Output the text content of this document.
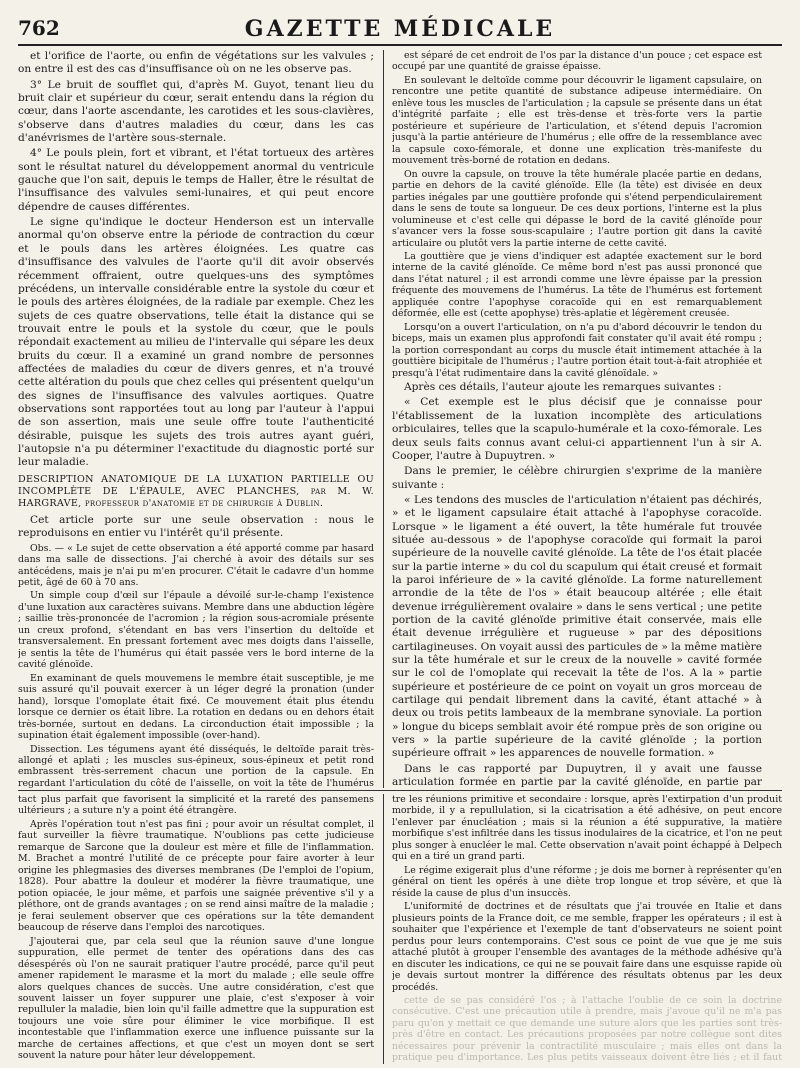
762	GAZETTE MÉDICALE

et l'orifice de l'aorte, ou enfin de végétations sur les valvules ; on entre il est des cas d'insuffisance où on ne les observe pas.

3° Le bruit de soufflet qui, d'après M. Guyot, tenant lieu du bruit clair et supérieur du cœur, serait entendu dans la région du cœur, dans l'aorte ascendante, les carotides et les sous-clavières, s'observe dans d'autres maladies du cœur, dans les cas d'anévrismes de l'artère sous-sternale.

4° Le pouls plein, fort et vibrant, et l'état tortueux des artères sont le résultat naturel du développement anormal du ventricule gauche que l'on sait, depuis le temps de Haller, être le résultat de l'insuffisance des valvules semi-lunaires, et qui peut encore dépendre de causes différentes.

Le signe qu'indique le docteur Henderson est un intervalle anormal qu'on observe entre la période de contraction du cœur et le pouls dans les artères éloignées. Les quatre cas d'insuffisance des valvules de l'aorte qu'il dit avoir observés récemment offraient, outre quelques-uns des symptômes précédens, un intervalle considérable entre la systole du cœur et le pouls des artères éloignées, de la radiale par exemple. Chez les sujets de ces quatre observations, telle était la distance qui se trouvait entre le pouls et la systole du cœur, que le pouls répondait exactement au milieu de l'intervalle qui sépare les deux bruits du cœur. Il a examiné un grand nombre de personnes affectées de maladies du cœur de divers genres, et n'a trouvé cette altération du pouls que chez celles qui présentent quelqu'un des signes de l'insuffisance des valvules aortiques. Quatre observations sont rapportées tout au long par l'auteur à l'appui de son assertion, mais une seule offre toute l'authenticité désirable, puisque les sujets des trois autres ayant guéri, l'autopsie n'a pu déterminer l'exactitude du diagnostic porté sur leur maladie.

DESCRIPTION ANATOMIQUE DE LA LUXATION PARTIELLE OU INCOMPLÈTE DE L'ÉPAULE, AVEC PLANCHES, par M. W. HARGRAVE, professeur d'anatomie et de chirurgie à Dublin.

Cet article porte sur une seule observation : nous le reproduisons en entier vu l'intérêt qu'il présente.

Obs. — « Le sujet de cette observation a été apporté comme par hasard dans ma salle de dissections. J'ai cherché à avoir des détails sur ses antécédens, mais je n'ai pu m'en procurer. C'était le cadavre d'un homme petit, âgé de 60 à 70 ans.

Un simple coup d'œil sur l'épaule a dévoilé sur-le-champ l'existence d'une luxation aux caractères suivans. Membre dans une abduction légère ; saillie très-prononcée de l'acromion ; la région sous-acromiale présente un creux profond, s'étendant en bas vers l'insertion du deltoïde et transversalement. En pressant fortement avec mes doigts dans l'aisselle, je sentis la tête de l'humérus qui était passée vers le bord interne de la cavité glénoïde.

En examinant de quels mouvemens le membre était susceptible, je me suis assuré qu'il pouvait exercer à un léger degré la pronation (under hand), lorsque l'omoplate était fixé. Ce mouvement était plus étendu lorsque ce dernier os était libre. La rotation en dedans ou en dehors était très-bornée, surtout en dedans. La circonduction était impossible ; la supination était également impossible (over-hand).

Dissection. Les tégumens ayant été disséqués, le deltoïde parait très-allongé et aplati ; les muscles sus-épineux, sous-épineux et petit rond embrassent très-serrement chacun une portion de la capsule. En regardant l'articulation du côté de l'aisselle, on voit la tête de l'humérus

est séparé de cet endroit de l'os par la distance d'un pouce ; cet espace est occupé par une quantité de graisse épaisse.

En soulevant le deltoïde comme pour découvrir le ligament capsulaire, on rencontre une petite quantité de substance adipeuse intermédiaire. On enlève tous les muscles de l'articulation ; la capsule se présente dans un état d'intégrité parfaite ; elle est très-dense et très-forte vers la partie postérieure et supérieure de l'articulation, et s'étend depuis l'acromion jusqu'à la partie antérieure de l'humérus ; elle offre de la ressemblance avec la capsule coxo-fémorale, et donne une explication très-manifeste du mouvement très-borné de rotation en dedans.

On ouvre la capsule, on trouve la tête humérale placée partie en dedans, partie en dehors de la cavité glénoïde. Elle (la tête) est divisée en deux parties inégales par une gouttière profonde qui s'étend perpendiculairement dans le sens de toute sa longueur. De ces deux portions, l'interne est la plus volumineuse et c'est celle qui dépasse le bord de la cavité glénoïde pour s'avancer vers la fosse sous-scapulaire ; l'autre portion git dans la cavité articulaire ou plutôt vers la partie interne de cette cavité.

La gouttière que je viens d'indiquer est adaptée exactement sur le bord interne de la cavité glénoïde. Ce même bord n'est pas aussi prononcé que dans l'état naturel ; il est arrondi comme une lèvre épaisse par la pression fréquente des mouvemens de l'humérus. La tête de l'humérus est fortement appliquée contre l'apophyse coracoïde qui en est remarquablement déformée, elle est (cette apophyse) très-aplatie et légèrement creusée.

Lorsqu'on a ouvert l'articulation, on n'a pu d'abord découvrir le tendon du biceps, mais un examen plus approfondi fait constater qu'il avait été rompu ; la portion correspondant au corps du muscle était intimement attachée à la gouttière bicipitale de l'humérus ; l'autre portion était tout-à-fait atrophiée et presqu'à l'état rudimentaire dans la cavité glénoïdale. »

Après ces détails, l'auteur ajoute les remarques suivantes :

« Cet exemple est le plus décisif que je connaisse pour l'établissement de la luxation incomplète des articulations orbiculaires, telles que la scapulo-humérale et la coxo-fémorale. Les deux seuls faits connus avant celui-ci appartiennent l'un à sir A. Cooper, l'autre à Dupuytren. »

Dans le premier, le célèbre chirurgien s'exprime de la manière suivante :

« Les tendons des muscles de l'articulation n'étaient pas déchirés, » et le ligament capsulaire était attaché à l'apophyse coracoïde. Lorsque » le ligament a été ouvert, la tête humérale fut trouvée située au-dessous » de l'apophyse coracoïde qui formait la paroi supérieure de la nouvelle cavité glénoïde. La tête de l'os était placée sur la partie interne » du col du scapulum qui était creusé et formait la paroi inférieure de » la cavité glénoïde. La forme naturellement arrondie de la tête de l'os » était beaucoup altérée ; elle était devenue irrégulièrement ovalaire » dans le sens vertical ; une petite portion de la cavité glénoïde primitive était conservée, mais elle était devenue irrégulière et rugueuse » par des dépositions cartilagineuses. On voyait aussi des particules de » la même matière sur la tête humérale et sur le creux de la nouvelle » cavité formée sur le col de l'omoplate qui recevait la tête de l'os. A la » partie supérieure et postérieure de ce point on voyait un gros morceau de cartilage qui pendait librement dans la cavité, étant attaché » à deux ou trois petits lambeaux de la membrane synoviale. La portion » longue du biceps semblait avoir été rompue près de son origine ou vers » la partie supérieure de la cavité glénoïde ; la portion supérieure offrait » les apparences de nouvelle formation. »

Dans le cas rapporté par Dupuytren, il y avait une fausse articulation formée en partie par la cavité glénoïde, en partie par

tact plus parfait que favorisent la simplicité et la rareté des pansemens ultérieurs ; a suture n'y a point été étrangère.

Après l'opération tout n'est pas fini ; pour avoir un résultat complet, il faut surveiller la fièvre traumatique. N'oublions pas cette judicieuse remarque de Sarcone que la douleur est mère et fille de l'inflammation. M. Brachet a montré l'utilité de ce précepte pour faire avorter à leur origine les phlegmasies des diverses membranes (De l'emploi de l'opium, 1828). Pour abattre la douleur et modérer la fièvre traumatique, une potion opiacée, le jour même, et parfois une saignée préventive s'il y a pléthore, ont de grands avantages ; on se rend ainsi maître de la maladie ; je ferai seulement observer que ces opérations sur la tête demandent beaucoup de réserve dans l'emploi des narcotiques.

J'ajouterai que, par cela seul que la réunion sauve d'une longue suppuration, elle permet de tenter des opérations dans des cas désespérés où l'on ne saurait pratiquer l'autre procédé, parce qu'il peut amener rapidement le marasme et la mort du malade ; elle seule offre alors quelques chances de succès. Une autre considération, c'est que souvent laisser un foyer suppurer une plaie, c'est s'exposer à voir repulluler la maladie, bien loin qu'il faille admettre que la suppuration est toujours une voie sûre pour éliminer le vice morbifique. Il est incontestable que l'inflammation exerce une influence puissante sur la marche de certaines affections, et que c'est un moyen dont se sert souvent la nature pour hâter leur développement.

tre les réunions primitive et secondaire : lorsque, après l'extirpation d'un produit morbide, il y a repullulation, si la cicatrisation a été adhésive, on peut encore l'enlever par énucléation ; mais si la réunion a été suppurative, la matière morbifique s'est infiltrée dans les tissus inodulaires de la cicatrice, et l'on ne peut plus songer à enucléer le mal. Cette observation n'avait point échappé à Delpech qui en a tiré un grand parti.

Le régime exigerait plus d'une réforme ; je dois me borner à représenter qu'en général on tient les opérés à une diète trop longue et trop sévère, et que là réside la cause de plus d'un insuccès.

L'uniformité de doctrines et de résultats que j'ai trouvée en Italie et dans plusieurs points de la France doit, ce me semble, frapper les opérateurs ; il est à souhaiter que l'expérience et l'exemple de tant d'observateurs ne soient point perdus pour leurs contemporains. C'est sous ce point de vue que je me suis attaché plutôt à grouper l'ensemble des avantages de la méthode adhésive qu'à en discuter les indications, ce qui ne se pouvait faire dans une esquisse rapide où je devais surtout montrer la différence des résultats obtenus par les deux procédés.

cette de se pas considéré l'os ; à l'attache l'oublie de ce soin la doctrine consécutive. C'est une précaution utile à prendre, mais j'avoue qu'il ne m'a pas paru qu'on y mettait ce que demande une suture alors que les parties sont très-près d'être en contact. Les précautions proposées par notre collègue sont dites nécessaires pour prévenir la contractilité musculaire ; mais elles ont dans la pratique peu d'importance. Les plus petits vaisseaux doivent être liés ; et il faut
